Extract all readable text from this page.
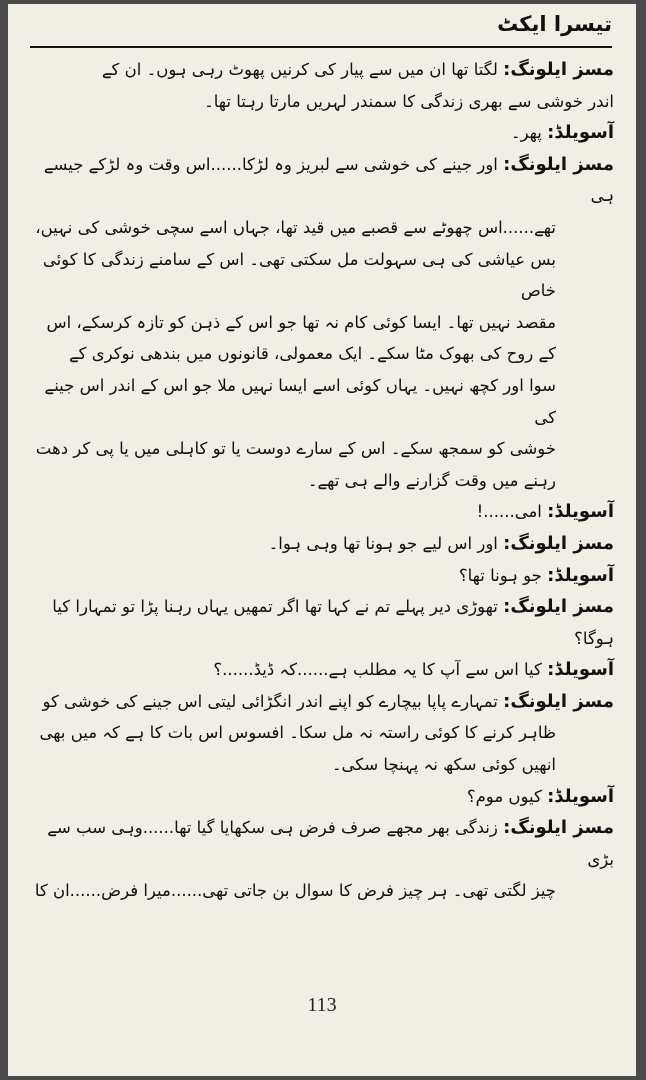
تیسرا ایکٹ

مسز ایلونگ: لگتا تھا ان میں سے پیار کی کرنیں پھوٹ رہی ہوں۔ ان کے

اندر خوشی سے بھری زندگی کا سمندر لہریں مارتا رہتا تھا۔

آسویلڈ: پھر۔

مسز ایلونگ: اور جینے کی خوشی سے لبریز وہ لڑکا......اس وقت وہ لڑکے جیسے ہی

تھے......اس چھوٹے سے قصبے میں قید تھا، جہاں اسے سچی خوشی کی نہیں،

بس عیاشی کی ہی سہولت مل سکتی تھی۔ اس کے سامنے زندگی کا کوئی خاص

مقصد نہیں تھا۔ ایسا کوئی کام نہ تھا جو اس کے ذہن کو تازہ کرسکے، اس

کے روح کی بھوک مٹا سکے۔ ایک معمولی، قانونوں میں بندھی نوکری کے

سوا اور کچھ نہیں۔ یہاں کوئی اسے ایسا نہیں ملا جو اس کے اندر اس جینے کی

خوشی کو سمجھ سکے۔ اس کے سارے دوست یا تو کاہلی میں یا پی کر دھت

رہنے میں وقت گزارنے والے ہی تھے۔

آسویلڈ: امی......!

مسز ایلونگ: اور اس لیے جو ہونا تھا وہی ہوا۔

آسویلڈ: جو ہونا تھا؟

مسز ایلونگ: تھوڑی دیر پہلے تم نے کہا تھا اگر تمھیں یہاں رہنا پڑا تو تمہارا کیا ہوگا؟

آسویلڈ: کیا اس سے آپ کا یہ مطلب ہے......کہ ڈیڈ......؟

مسز ایلونگ: تمہارے پاپا بیچارے کو اپنے اندر انگڑائی لیتی اس جینے کی خوشی کو

ظاہر کرنے کا کوئی راستہ نہ مل سکا۔ افسوس اس بات کا ہے کہ میں بھی

انھیں کوئی سکھ نہ پہنچا سکی۔

آسویلڈ: کیوں موم؟

مسز ایلونگ: زندگی بھر مجھے صرف فرض ہی سکھایا گیا تھا......وہی سب سے بڑی

چیز لگتی تھی۔ ہر چیز فرض کا سوال بن جاتی تھی......میرا فرض......ان کا

113
